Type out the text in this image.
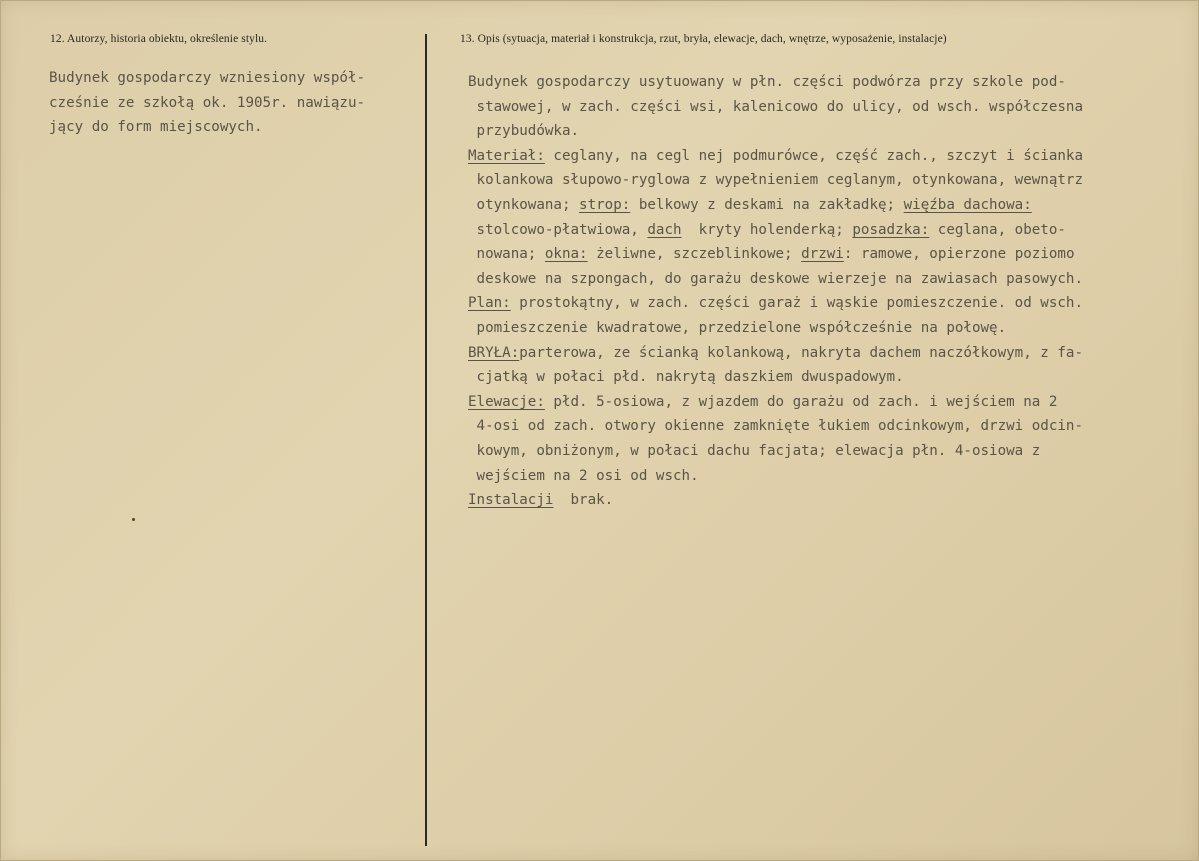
12. Autorzy, historia obiektu, określenie stylu.	13. Opis (sytuacja, materiał i konstrukcja, rzut, bryła, elewacje, dach, wnętrze, wyposażenie, instalacje)
Budynek gospodarczy wzniesiony współ-
cześnie ze szkołą ok. 1905r. nawiązu-
jący do form miejscowych.
Budynek gospodarczy usytuowany w płn. części podwórza przy szkole pod-
stawowej, w zach. części wsi, kalenicowo do ulicy, od wsch. współczesna
przybudówka.
Materiał: ceglany, na cegl nej podmurówce, część zach., szczyt i ścianka
kolankowa słupowo-ryglowa z wypełnieniem ceglanym, otynkowana, wewnątrz
otynkowana; strop: belkowy z deskami na zakładkę; więźba dachowa:
stolcowo-płatwiowa, dach  kryty holenderką; posadzka: ceglana, obeto-
nowana; okna: żeliwne, szczeblinkowe; drzwi: ramowe, opierzone poziomo
deskowe na szpongach, do garażu deskowe wierzeje na zawiasach pasowych.
Plan: prostokątny, w zach. części garaż i wąskie pomieszczenie. od wsch.
pomieszczenie kwadratowe, przedzielone współcześnie na połowę.
BRYŁA:parterowa, ze ścianką kolankową, nakryta dachem naczółkowym, z fa-
cjatką w połaci płd. nakrytą daszkiem dwuspadowym.
Elewacje: płd. 5-osiowa, z wjazdem do garażu od zach. i wejściem na 2
4-osi od zach. otwory okienne zamknięte łukiem odcinkowym, drzwi odcin-
kowym, obniżonym, w połaci dachu facjata; elewacja płn. 4-osiowa z
wejściem na 2 osi od wsch.
Instalacji  brak.
